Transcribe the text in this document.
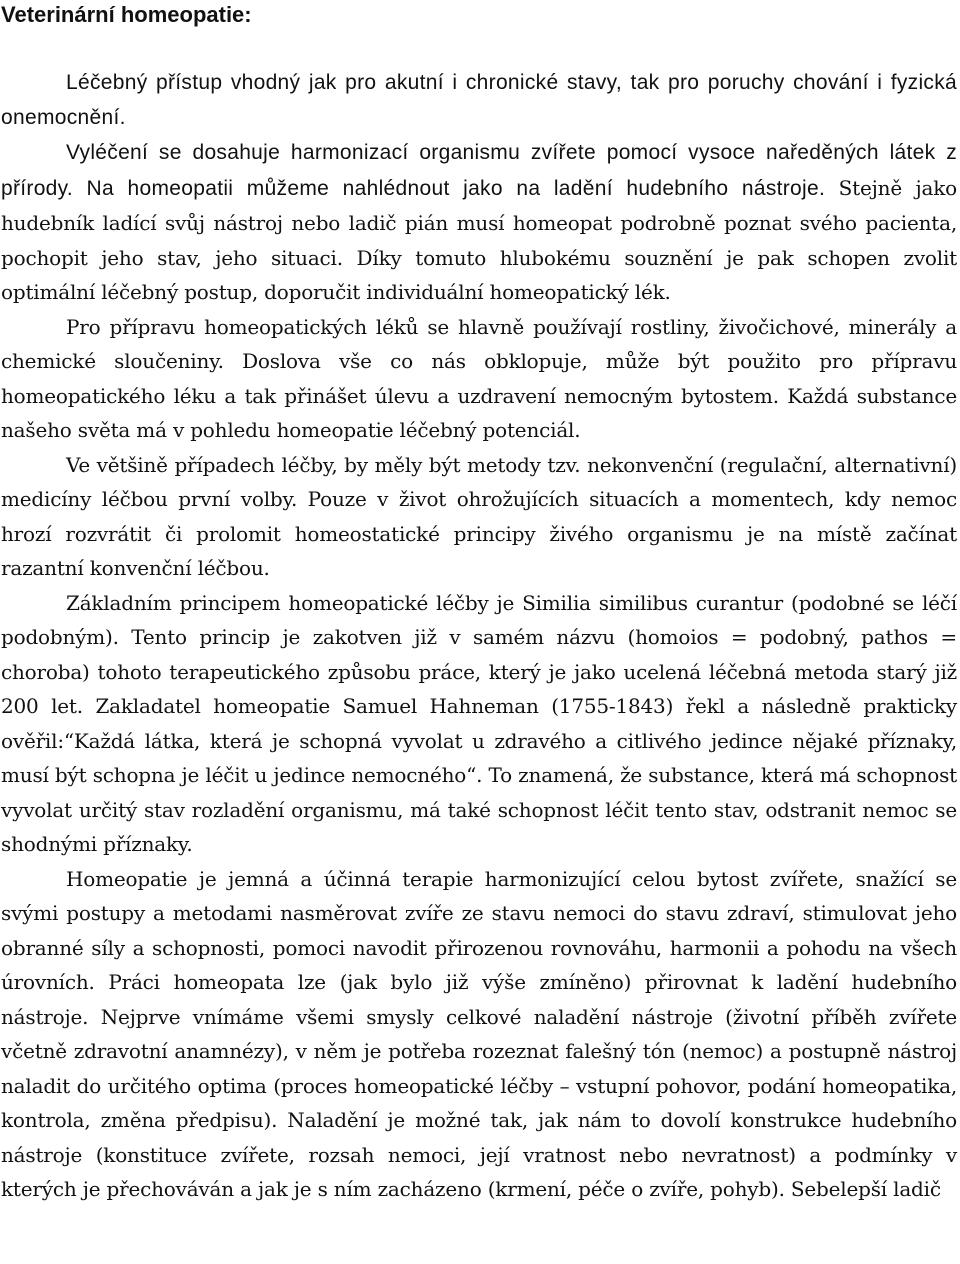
Veterinární homeopatie:

Léčebný přístup vhodný jak pro akutní i chronické stavy, tak pro poruchy chování i fyzická onemocnění.

Vyléčení se dosahuje harmonizací organismu zvířete pomocí vysoce naředěných látek z přírody. Na homeopatii můžeme nahlédnout jako na ladění hudebního nástroje. Stejně jako hudebník ladící svůj nástroj nebo ladič pián musí homeopat podrobně poznat svého pacienta, pochopit jeho stav, jeho situaci. Díky tomuto hlubokému souznění je pak schopen zvolit optimální léčebný postup, doporučit individuální homeopatický lék.

Pro přípravu homeopatických léků se hlavně používají rostliny, živočichové, minerály a chemické sloučeniny. Doslova vše co nás obklopuje, může být použito pro přípravu homeopatického léku a tak přinášet úlevu a uzdravení nemocným bytostem. Každá substance našeho světa má v pohledu homeopatie léčebný potenciál.

Ve většině případech léčby, by měly být metody tzv. nekonvenční (regulační, alternativní) medicíny léčbou první volby. Pouze v život ohrožujících situacích a momentech, kdy nemoc hrozí rozvrátit či prolomit homeostatické principy živého organismu je na místě začínat razantní konvenční léčbou.

Základním principem homeopatické léčby je Similia similibus curantur (podobné se léčí podobným). Tento princip je zakotven již v samém názvu (homoios = podobný, pathos = choroba) tohoto terapeutického způsobu práce, který je jako ucelená léčebná metoda starý již 200 let. Zakladatel homeopatie Samuel Hahneman (1755-1843) řekl a následně prakticky ověřil:“Každá látka, která je schopná vyvolat u zdravého a citlivého jedince nějaké příznaky, musí být schopna je léčit u jedince nemocného“. To znamená, že substance, která má schopnost vyvolat určitý stav rozladění organismu, má také schopnost léčit tento stav, odstranit nemoc se shodnými příznaky.

Homeopatie je jemná a účinná terapie harmonizující celou bytost zvířete, snažící se svými postupy a metodami nasměrovat zvíře ze stavu nemoci do stavu zdraví, stimulovat jeho obranné síly a schopnosti, pomoci navodit přirozenou rovnováhu, harmonii a pohodu na všech úrovních. Práci homeopata lze (jak bylo již výše zmíněno) přirovnat k ladění hudebního nástroje. Nejprve vnímáme všemi smysly celkové naladění nástroje (životní příběh zvířete včetně zdravotní anamnézy), v něm je potřeba rozeznat falešný tón (nemoc) a postupně nástroj naladit do určitého optima (proces homeopatické léčby – vstupní pohovor, podání homeopatika, kontrola, změna předpisu). Naladění je možné tak, jak nám to dovolí konstrukce hudebního nástroje (konstituce zvířete, rozsah nemoci, její vratnost nebo nevratnost) a podmínky v kterých je přechováván a jak je s ním zacházeno (krmení, péče o zvíře, pohyb). Sebelepší ladič
